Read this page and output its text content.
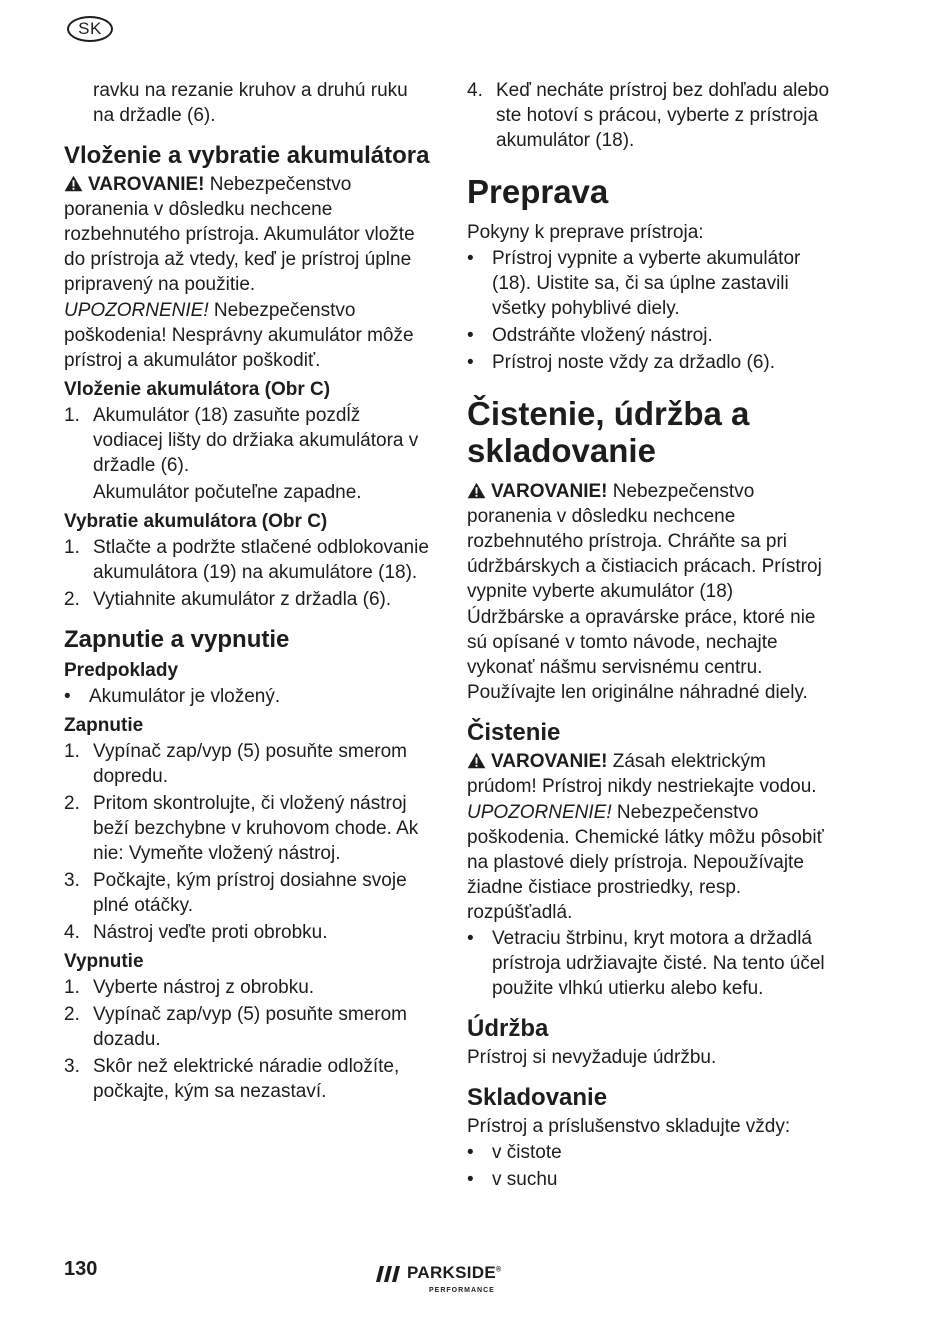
SK

ravku na rezanie kruhov a druhú ruku na držadle (6).

Vloženie a vybratie akumulátora

VAROVANIE! Nebezpečenstvo poranenia v dôsledku nechcene rozbehnutého prístroja. Akumulátor vložte do prístroja až vtedy, keď je prístroj úplne pripravený na použitie.

UPOZORNENIE! Nebezpečenstvo poškodenia! Nesprávny akumulátor môže prístroj a akumulátor poškodiť.

Vloženie akumulátora (Obr C)
1. Akumulátor (18) zasuňte pozdĺž vodiacej lišty do držiaka akumulátora v držadle (6).

Akumulátor počuteľne zapadne.

Vybratie akumulátora (Obr C)
1. Stlačte a podržte stlačené odblokovanie akumulátora (19) na akumulátore (18).
2. Vytiahnite akumulátor z držadla (6).
Zapnutie a vypnutie
Predpoklady
• Akumulátor je vložený.
Zapnutie
1. Vypínač zap/vyp (5) posuňte smerom dopredu.
2. Pritom skontrolujte, či vložený nástroj beží bezchybne v kruhovom chode. Ak nie: Vymeňte vložený nástroj.
3. Počkajte, kým prístroj dosiahne svoje plné otáčky.
4. Nástroj veďte proti obrobku.
Vypnutie
1. Vyberte nástroj z obrobku.
2. Vypínač zap/vyp (5) posuňte smerom dozadu.
3. Skôr než elektrické náradie odložíte, počkajte, kým sa nezastaví.
4. Keď necháte prístroj bez dohľadu alebo ste hotoví s prácou, vyberte z prístroja akumulátor (18).
Preprava

Pokyny k preprave prístroja:

• Prístroj vypnite a vyberte akumulátor (18). Uistite sa, či sa úplne zastavili všetky pohyblivé diely.
• Odstráňte vložený nástroj.
• Prístroj noste vždy za držadlo (6).
Čistenie, údržba a skladovanie

VAROVANIE! Nebezpečenstvo poranenia v dôsledku nechcene rozbehnutého prístroja. Chráňte sa pri údržbárskych a čistiacich prácach. Prístroj vypnite vyberte akumulátor (18)

Údržbárske a opravárske práce, ktoré nie sú opísané v tomto návode, nechajte vykonať nášmu servisnému centru. Používajte len originálne náhradné diely.

Čistenie

VAROVANIE! Zásah elektrickým prúdom! Prístroj nikdy nestriekajte vodou.

UPOZORNENIE! Nebezpečenstvo poškodenia. Chemické látky môžu pôsobiť na plastové diely prístroja. Nepoužívajte žiadne čistiace prostriedky, resp. rozpúšťadlá.

• Vetraciu štrbinu, kryt motora a držadlá prístroja udržiavajte čisté. Na tento účel použite vlhkú utierku alebo kefu.
Údržba

Prístroj si nevyžaduje údržbu.

Skladovanie

Prístroj a príslušenstvo skladujte vždy:

• v čistote
• v suchu
130	PARKSIDE®
PERFORMANCE
